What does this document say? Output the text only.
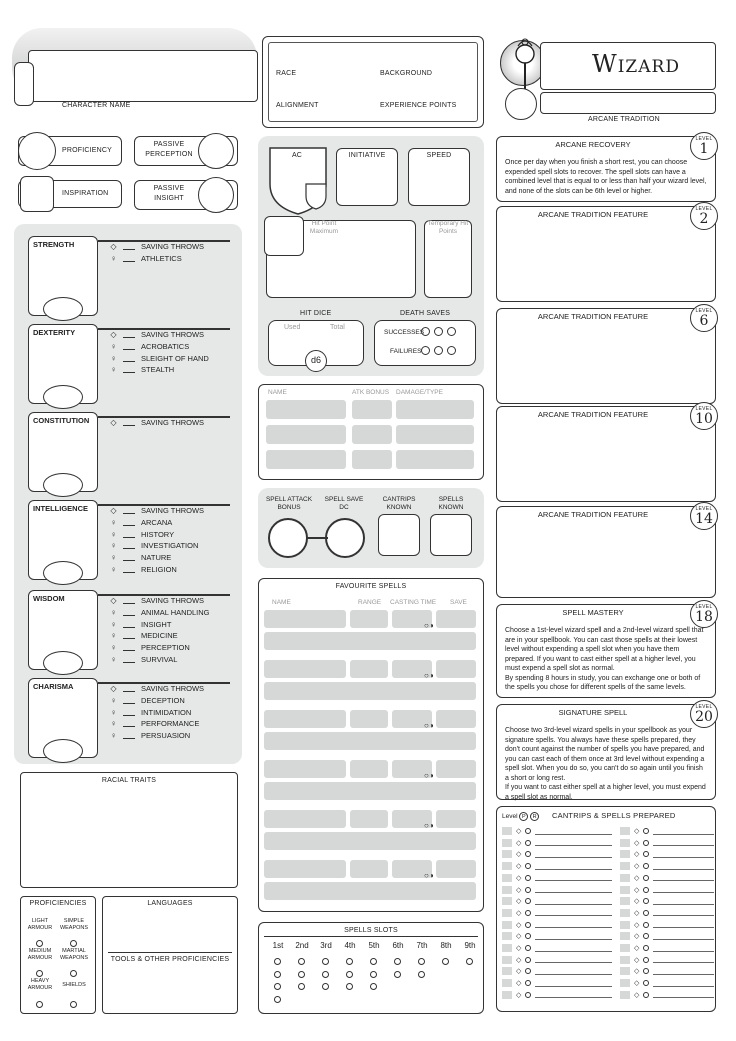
CHARACTER NAME
RACE	BACKGROUND
ALIGNMENT	EXPERIENCE POINTS
Wizard
ARCANE TRADITION
PROFICIENCY
INSPIRATION
PASSIVE PERCEPTION
PASSIVE INSIGHT
STRENGTH	◇	SAVING THROWS
♀	ATHLETICS
DEXTERITY	◇	SAVING THROWS
♀	ACROBATICS
♀	SLEIGHT OF HAND
♀	STEALTH
CONSTITUTION	◇	SAVING THROWS
INTELLIGENCE	◇	SAVING THROWS
♀	ARCANA
♀	HISTORY
♀	INVESTIGATION
♀	NATURE
♀	RELIGION
WISDOM	◇	SAVING THROWS
♀	ANIMAL HANDLING
♀	INSIGHT
♀	MEDICINE
♀	PERCEPTION
♀	SURVIVAL
CHARISMA	◇	SAVING THROWS
♀	DECEPTION
♀	INTIMIDATION
♀	PERFORMANCE
♀	PERSUASION
RACIAL TRAITS
PROFICIENCIES
LIGHT ARMOUR
SIMPLE WEAPONS
MEDIUM ARMOUR
MARTIAL WEAPONS
HEAVY ARMOUR	SHIELDS
LANGUAGES
TOOLS & OTHER PROFICIENCIES
AC	INITIATIVE	SPEED
Hit Point Maximum
Temporary Hit Points
HIT DICE
Used	Total
d6
DEATH SAVES
SUCCESSES
FAILURES
NAME	ATK BONUS DAMAGE/TYPE
SPELL ATTACK BONUS
SPELL SAVE DC
CANTRIPS KNOWN
SPELLS KNOWN
FAVOURITE SPELLS
NAME	RANGE CASTING TIME SAVE
○◑
○◑
○◑
○◑
○◑
○◑
SPELLS SLOTS
1st	2nd	3rd	4th	5th	6th	7th	8th	9th
ARCANE RECOVERY
Once per day when you finish a short rest, you can choose expended spell slots to recover. The spell slots can have a combined level that is equal to or less than half your wizard level, and none of the slots can be 6th level or higher.
LEVEL
1
ARCANE TRADITION FEATURE
LEVEL
2
ARCANE TRADITION FEATURE
LEVEL
6
ARCANE TRADITION FEATURE
LEVEL
10
ARCANE TRADITION FEATURE
LEVEL
14
SPELL MASTERY
Choose a 1st-level wizard spell and a 2nd-level wizard spell that are in your spellbook. You can cast those spells at their lowest level without expending a spell slot when you have them prepared. If you want to cast either spell at a higher level, you must expend a spell slot as normal.
By spending 8 hours in study, you can exchange one or both of the spells you chose for different spells of the same levels.
LEVEL
18
SIGNATURE SPELL
Choose two 3rd-level wizard spells in your spellbook as your signature spells. You always have these spells prepared, they don't count against the number of spells you have prepared, and you can cast each of them once at 3rd level without expending a spell slot. When you do so, you can't do so again until you finish a short or long rest.
If you want to cast either spell at a higher level, you must expend a spell slot as normal.
LEVEL
20
Level P R	CANTRIPS & SPELLS PREPARED
◇	◇
◇	◇
◇	◇
◇	◇
◇	◇
◇	◇
◇	◇
◇	◇
◇	◇
◇	◇
◇	◇
◇	◇
◇	◇
◇	◇
◇	◇
